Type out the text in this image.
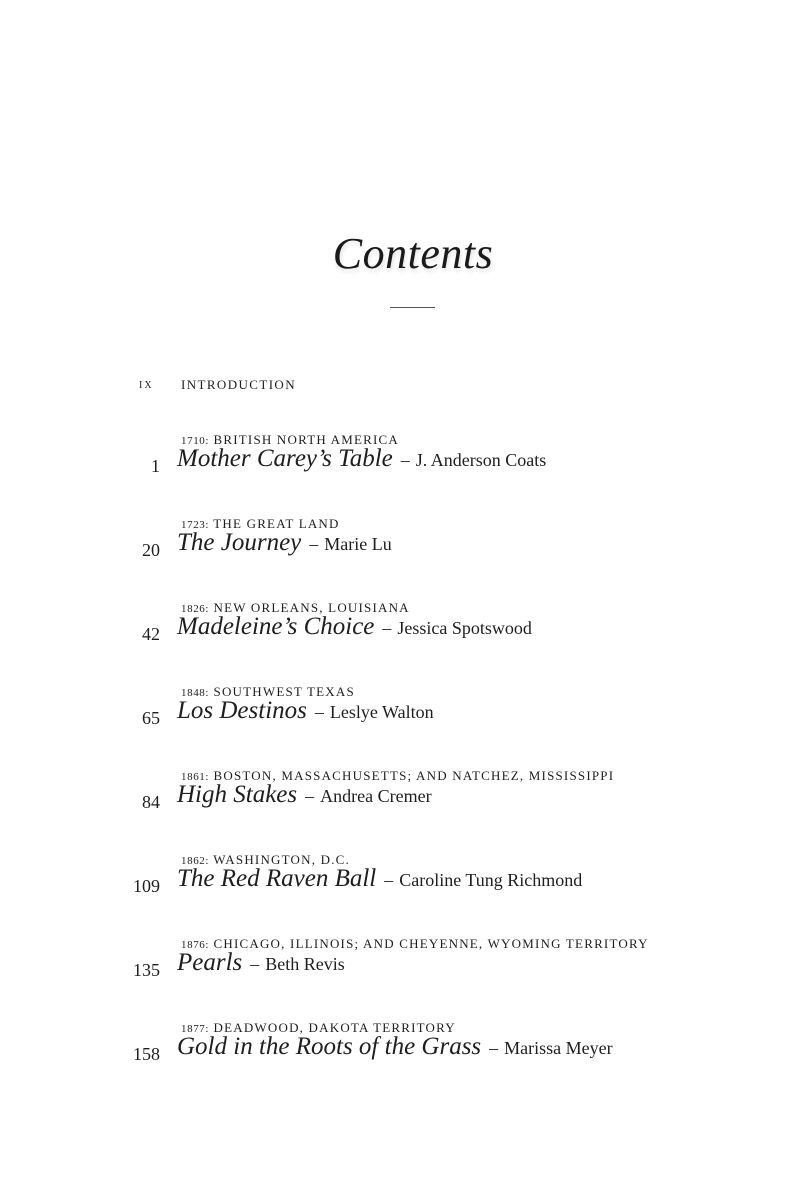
Contents
ix INTRODUCTION
1710: BRITISH NORTH AMERICA
1 Mother Carey’s Table – J. Anderson Coats
1723: THE GREAT LAND
20 The Journey – Marie Lu
1826: NEW ORLEANS, LOUISIANA
42 Madeleine’s Choice – Jessica Spotswood
1848: SOUTHWEST TEXAS
65 Los Destinos – Leslye Walton
1861: BOSTON, MASSACHUSETTS; AND NATCHEZ, MISSISSIPPI
84 High Stakes – Andrea Cremer
1862: WASHINGTON, D.C.
109 The Red Raven Ball – Caroline Tung Richmond
1876: CHICAGO, ILLINOIS; AND CHEYENNE, WYOMING TERRITORY
135 Pearls – Beth Revis
1877: DEADWOOD, DAKOTA TERRITORY
158 Gold in the Roots of the Grass – Marissa Meyer
